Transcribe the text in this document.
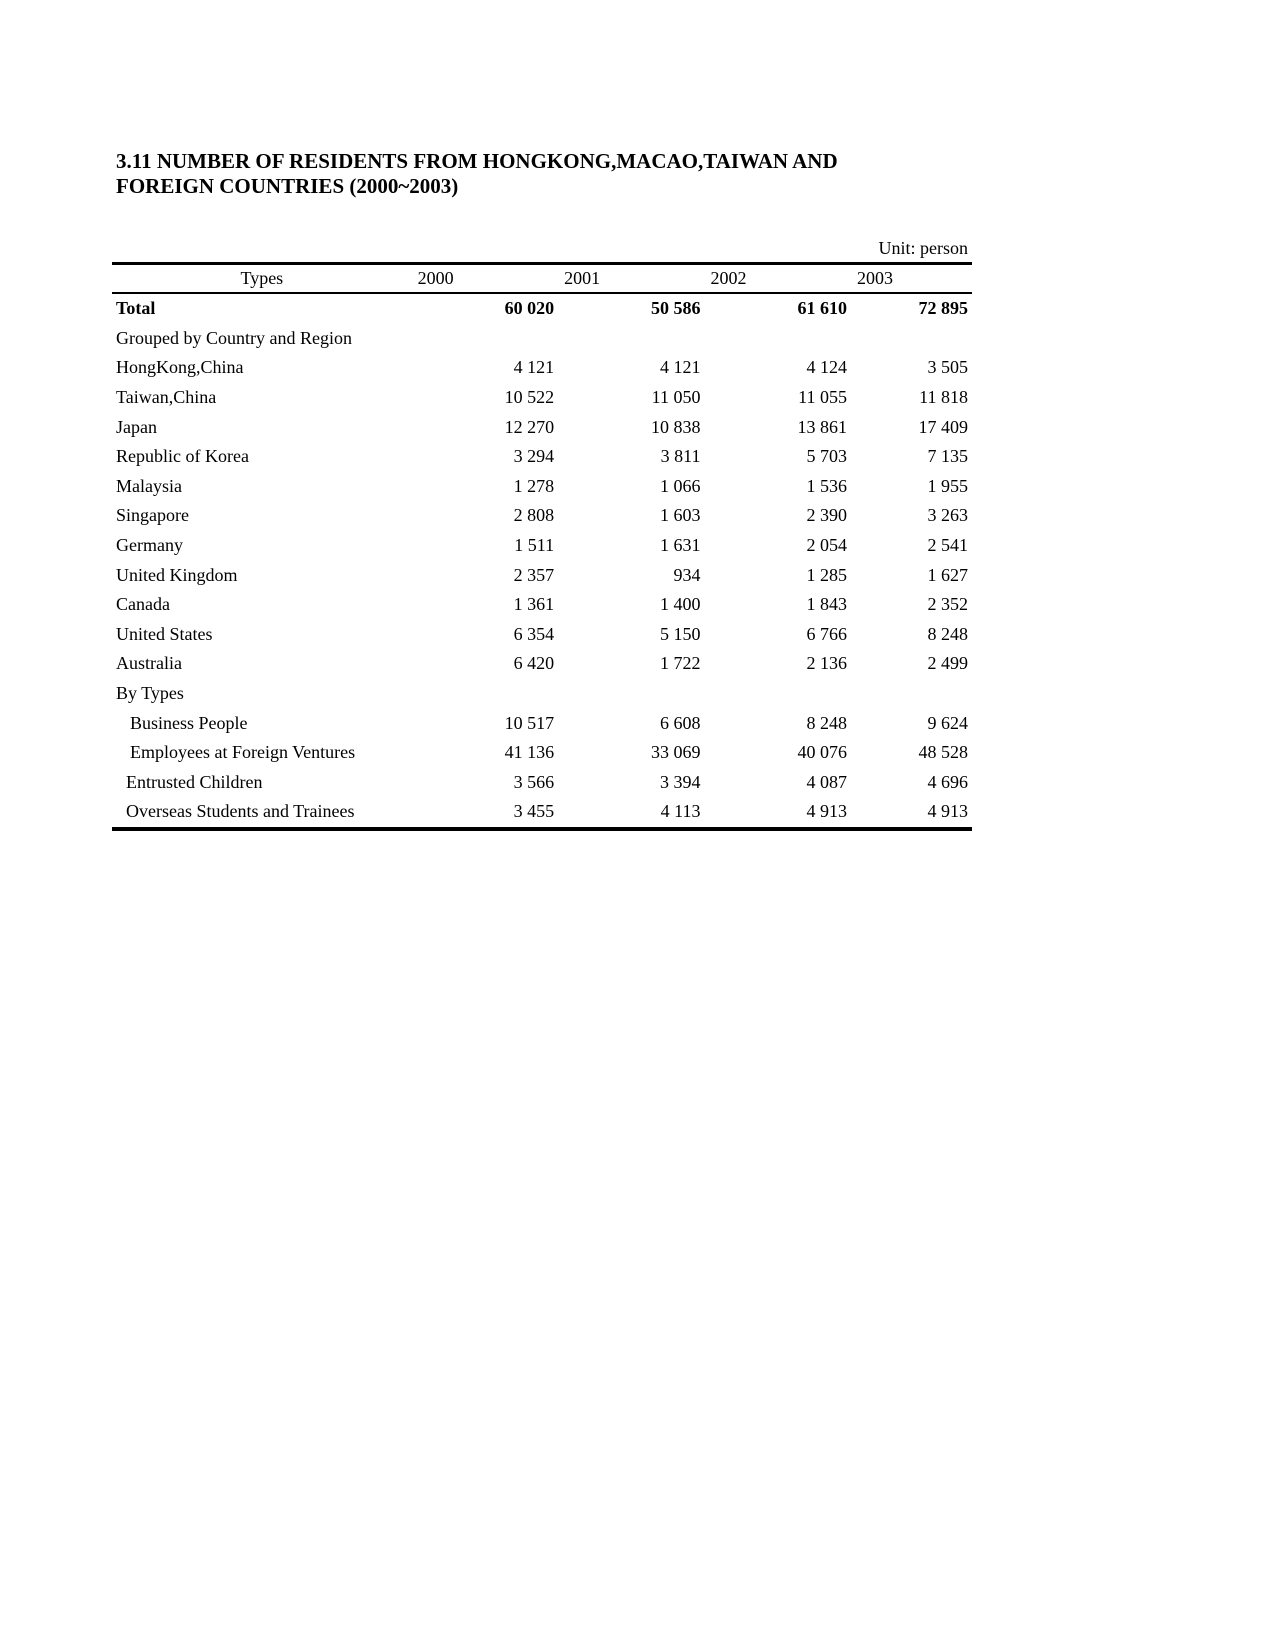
3.11 NUMBER OF RESIDENTS FROM HONGKONG,MACAO,TAIWAN AND
FOREIGN COUNTRIES (2000~2003)
Unit: person
Types	2000	2001	2002	2003
Total	60 020	50 586	61 610	72 895
Grouped by Country and Region				
HongKong,China	4 121	4 121	4 124	3 505
Taiwan,China	10 522	11 050	11 055	11 818
Japan	12 270	10 838	13 861	17 409
Republic of Korea	3 294	3 811	5 703	7 135
Malaysia	1 278	1 066	1 536	1 955
Singapore	2 808	1 603	2 390	3 263
Germany	1 511	1 631	2 054	2 541
United Kingdom	2 357	934	1 285	1 627
Canada	1 361	1 400	1 843	2 352
United States	6 354	5 150	6 766	8 248
Australia	6 420	1 722	2 136	2 499
By Types				
Business People	10 517	6 608	8 248	9 624
Employees at Foreign Ventures	41 136	33 069	40 076	48 528
Entrusted Children	3 566	3 394	4 087	4 696
Overseas Students and Trainees	3 455	4 113	4 913	4 913
